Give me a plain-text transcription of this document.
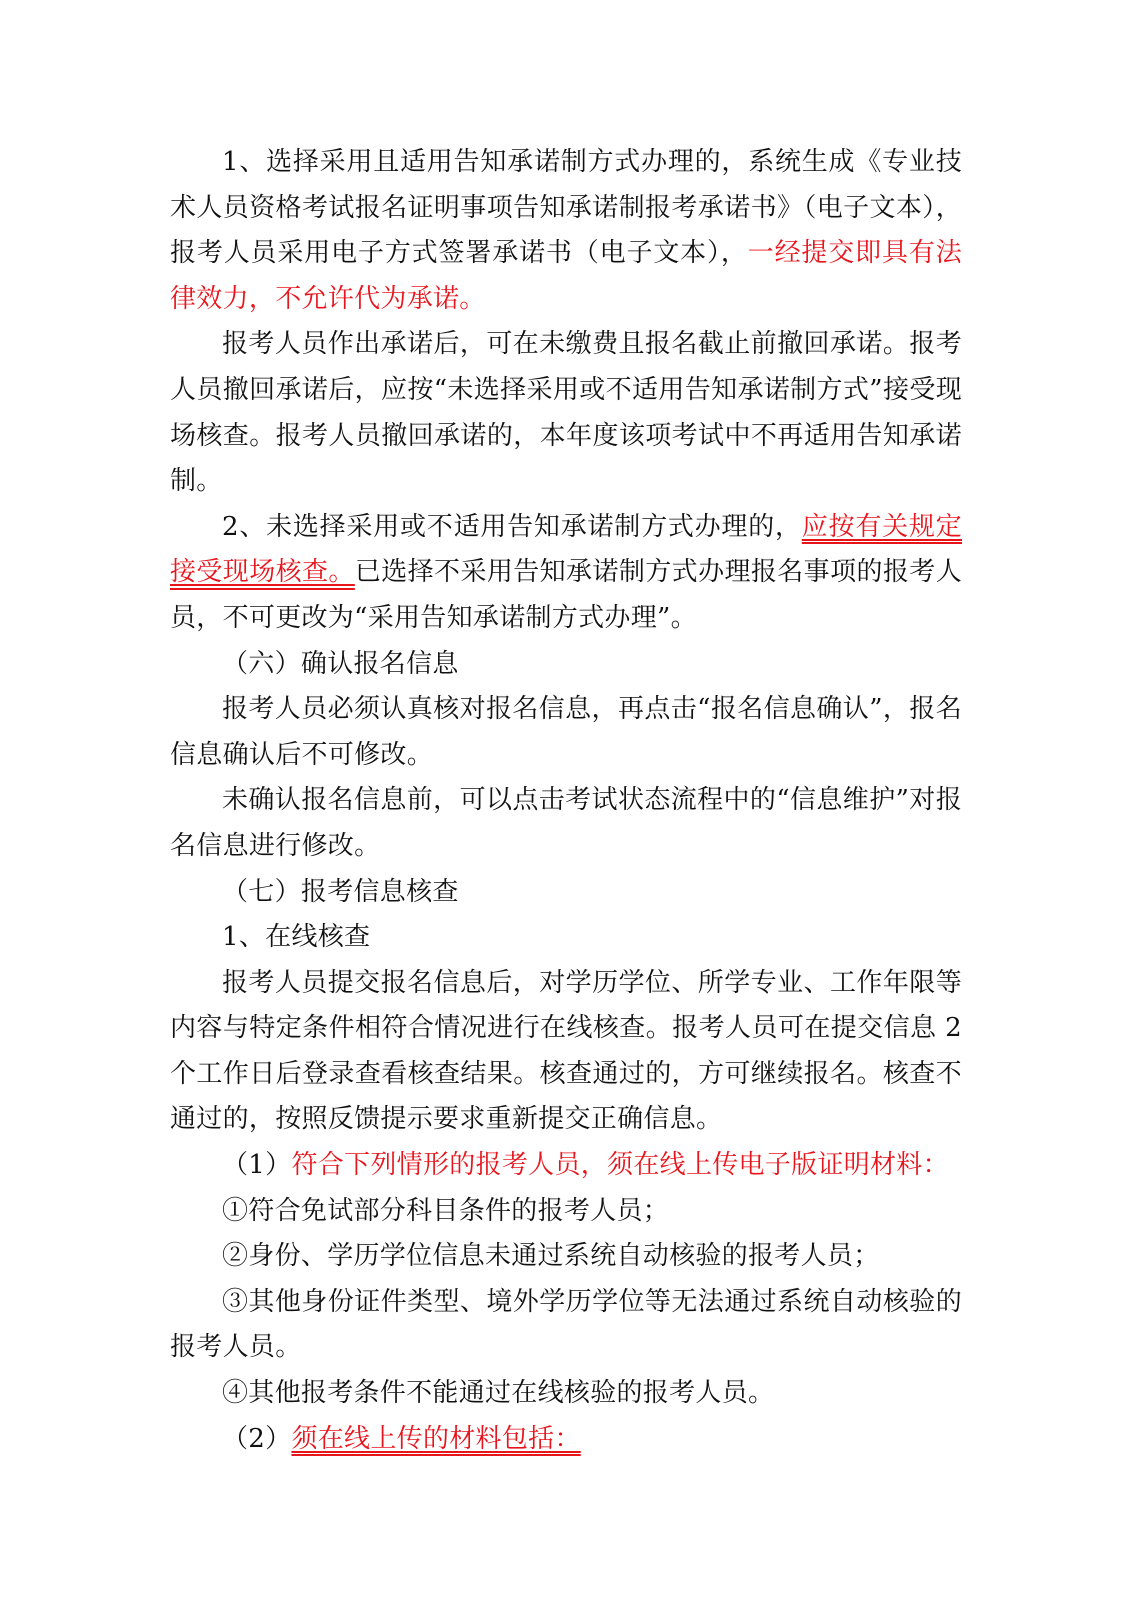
1、选择采用且适用告知承诺制方式办理的，系统生成《专业技术人员资格考试报名证明事项告知承诺制报考承诺书》（电子文本），报考人员采用电子方式签署承诺书（电子文本），一经提交即具有法律效力，不允许代为承诺。

报考人员作出承诺后，可在未缴费且报名截止前撤回承诺。报考人员撤回承诺后，应按“未选择采用或不适用告知承诺制方式”接受现场核查。报考人员撤回承诺的，本年度该项考试中不再适用告知承诺制。

2、未选择采用或不适用告知承诺制方式办理的，应按有关规定接受现场核查。已选择不采用告知承诺制方式办理报名事项的报考人员，不可更改为“采用告知承诺制方式办理”。

（六）确认报名信息

报考人员必须认真核对报名信息，再点击“报名信息确认”，报名信息确认后不可修改。

未确认报名信息前，可以点击考试状态流程中的“信息维护”对报名信息进行修改。

（七）报考信息核查

1、在线核查

报考人员提交报名信息后，对学历学位、所学专业、工作年限等内容与特定条件相符合情况进行在线核查。报考人员可在提交信息 2 个工作日后登录查看核查结果。核查通过的，方可继续报名。核查不通过的，按照反馈提示要求重新提交正确信息。

（1）符合下列情形的报考人员，须在线上传电子版证明材料：

①符合免试部分科目条件的报考人员；

②身份、学历学位信息未通过系统自动核验的报考人员；

③其他身份证件类型、境外学历学位等无法通过系统自动核验的报考人员。

④其他报考条件不能通过在线核验的报考人员。

（2）须在线上传的材料包括：
